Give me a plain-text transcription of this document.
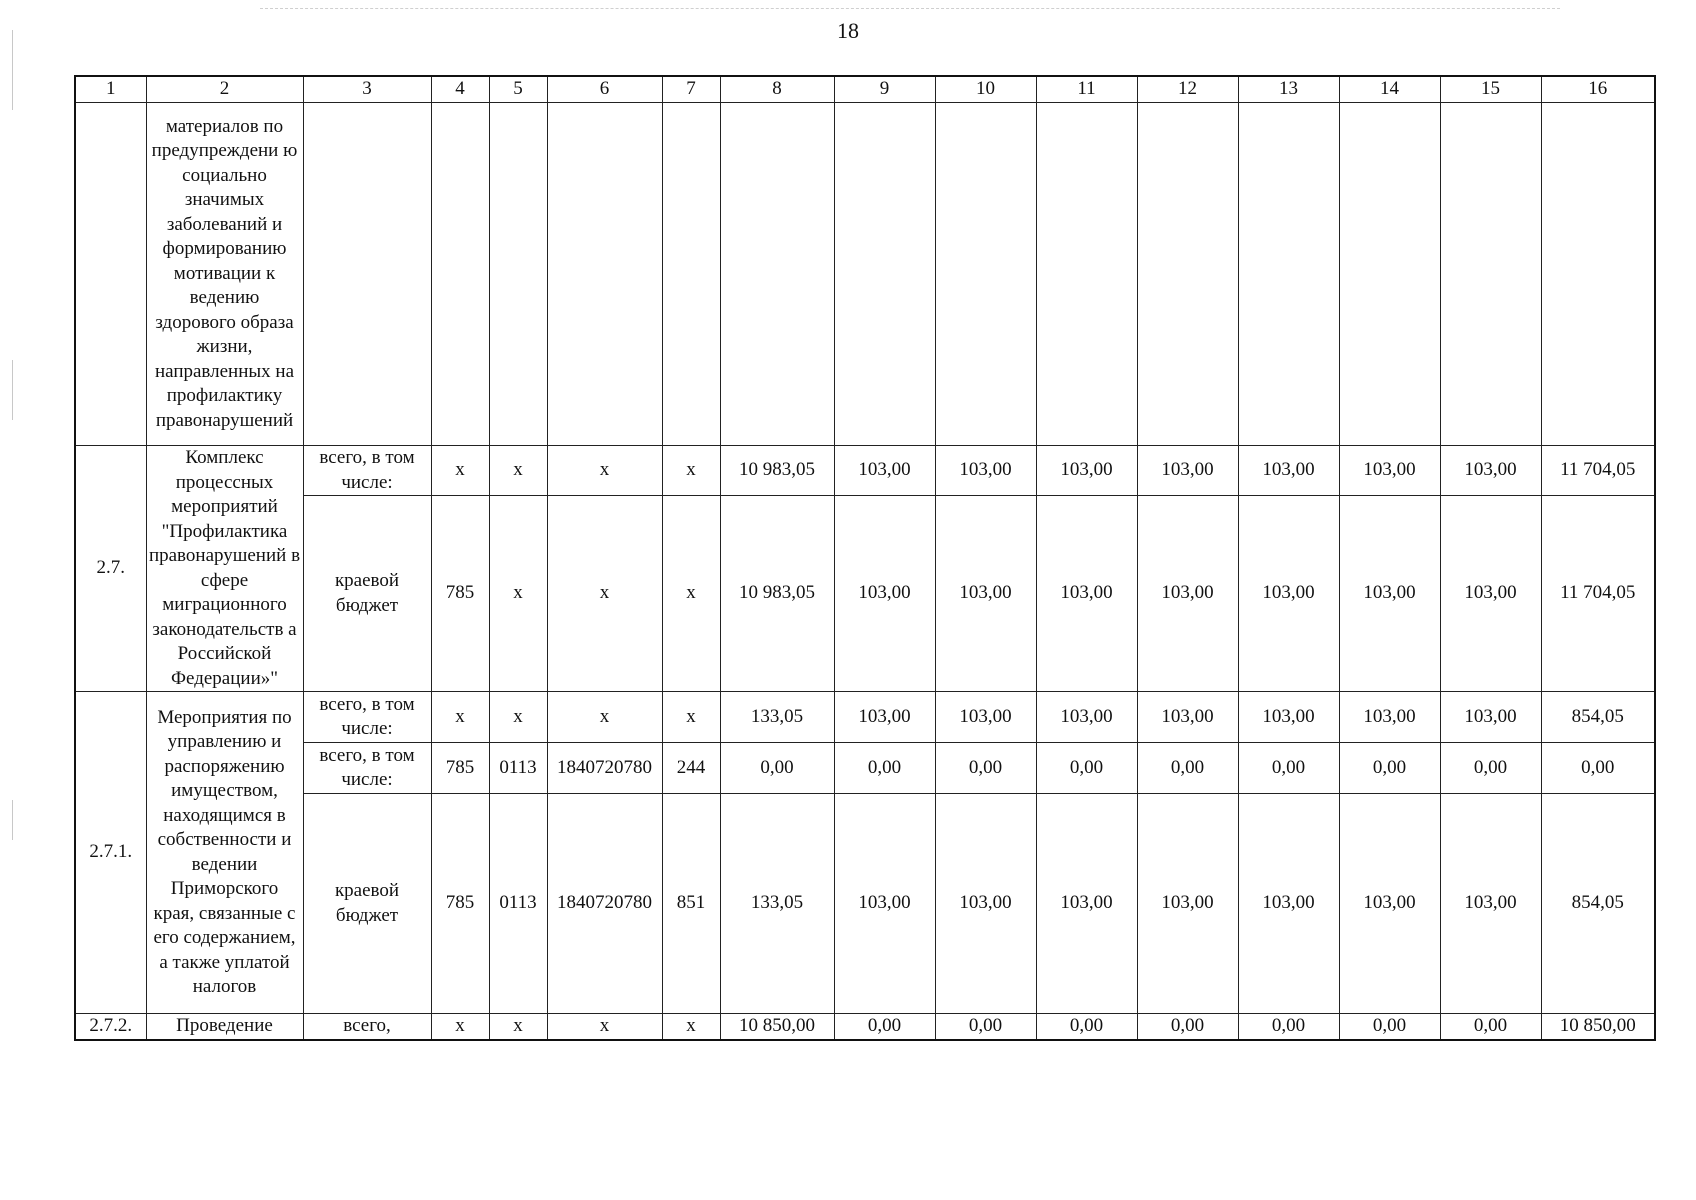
18
1	2	3	4	5	6	7	8	9	10	11	12	13	14	15	16
	материалов по предупреждени ю социально значимых заболеваний и формированию мотивации к ведению здорового образа жизни, направленных на профилактику правонарушений														
2.7.	Комплекс процессных мероприятий "Профилактика правонарушений в сфере миграционного законодательств а Российской Федерации»"	всего, в том числе:	x	x	x	x	10 983,05	103,00	103,00	103,00	103,00	103,00	103,00	103,00	11 704,05
		краевой бюджет	785	x	x	x	10 983,05	103,00	103,00	103,00	103,00	103,00	103,00	103,00	11 704,05
2.7.1.	Мероприятия по управлению и распоряжению имуществом, находящимся в собственности и ведении Приморского края, связанные с его содержанием, а также уплатой налогов	всего, в том числе:	x	x	x	x	133,05	103,00	103,00	103,00	103,00	103,00	103,00	103,00	854,05
		всего, в том числе:	785	0113	1840720780	244	0,00	0,00	0,00	0,00	0,00	0,00	0,00	0,00	0,00
		краевой бюджет	785	0113	1840720780	851	133,05	103,00	103,00	103,00	103,00	103,00	103,00	103,00	854,05
2.7.2.	Проведение	всего,	x	x	x	x	10 850,00	0,00	0,00	0,00	0,00	0,00	0,00	0,00	10 850,00
